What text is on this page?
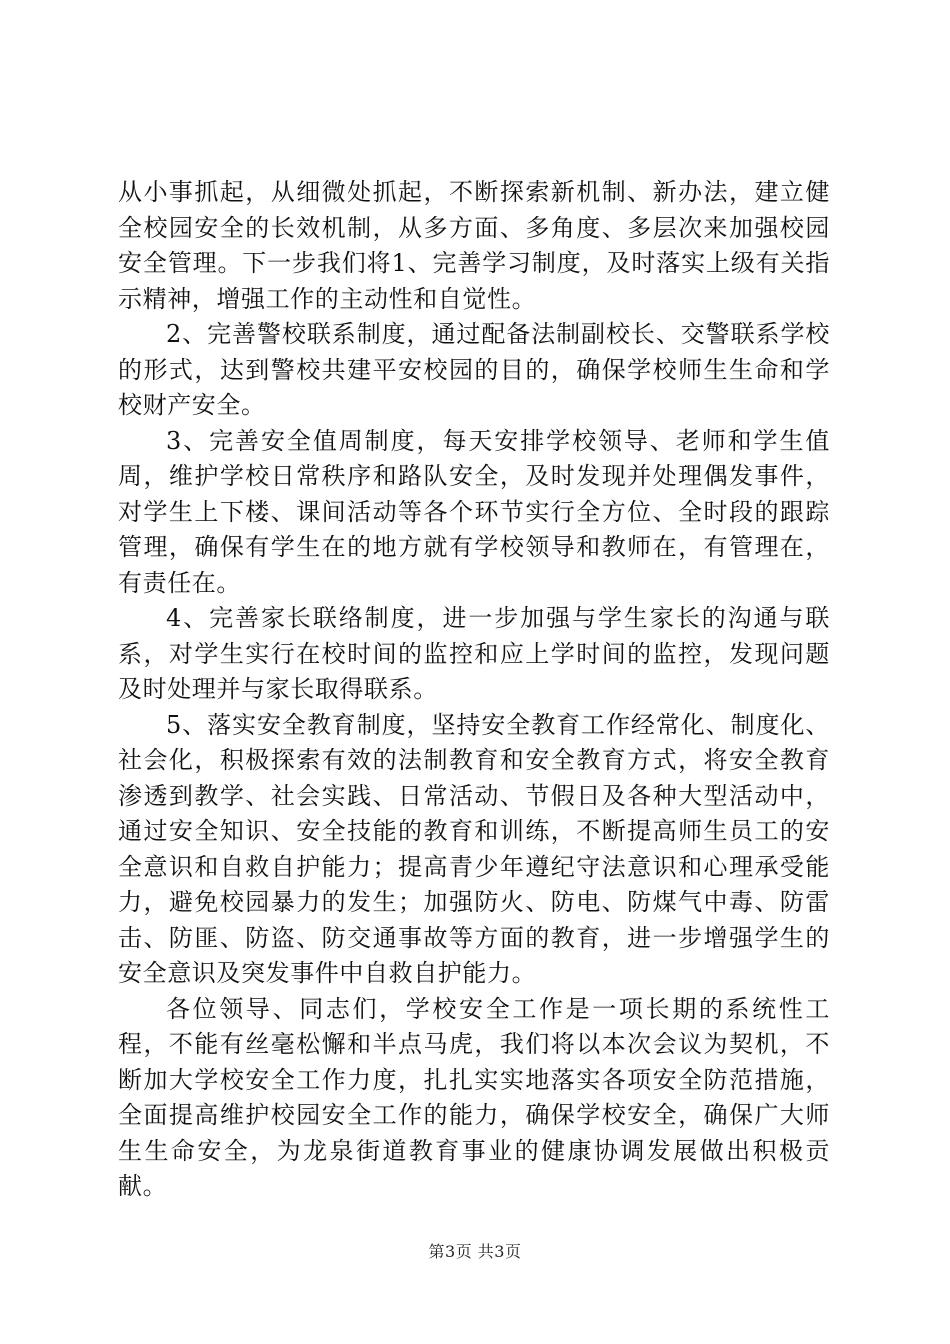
从小事抓起，从细微处抓起，不断探索新机制、新办法，建立健全校园安全的长效机制，从多方面、多角度、多层次来加强校园安全管理。下一步我们将1、完善学习制度，及时落实上级有关指示精神，增强工作的主动性和自觉性。

2、完善警校联系制度，通过配备法制副校长、交警联系学校的形式，达到警校共建平安校园的目的，确保学校师生生命和学校财产安全。

3、完善安全值周制度，每天安排学校领导、老师和学生值周，维护学校日常秩序和路队安全，及时发现并处理偶发事件，对学生上下楼、课间活动等各个环节实行全方位、全时段的跟踪管理，确保有学生在的地方就有学校领导和教师在，有管理在，有责任在。

4、完善家长联络制度，进一步加强与学生家长的沟通与联系，对学生实行在校时间的监控和应上学时间的监控，发现问题及时处理并与家长取得联系。

5、落实安全教育制度，坚持安全教育工作经常化、制度化、社会化，积极探索有效的法制教育和安全教育方式，将安全教育渗透到教学、社会实践、日常活动、节假日及各种大型活动中，通过安全知识、安全技能的教育和训练，不断提高师生员工的安全意识和自救自护能力；提高青少年遵纪守法意识和心理承受能力，避免校园暴力的发生；加强防火、防电、防煤气中毒、防雷击、防匪、防盗、防交通事故等方面的教育，进一步增强学生的安全意识及突发事件中自救自护能力。

各位领导、同志们，学校安全工作是一项长期的系统性工程，不能有丝毫松懈和半点马虎，我们将以本次会议为契机，不断加大学校安全工作力度，扎扎实实地落实各项安全防范措施，全面提高维护校园安全工作的能力，确保学校安全，确保广大师生生命安全，为龙泉街道教育事业的健康协调发展做出积极贡献。

第3页 共3页
